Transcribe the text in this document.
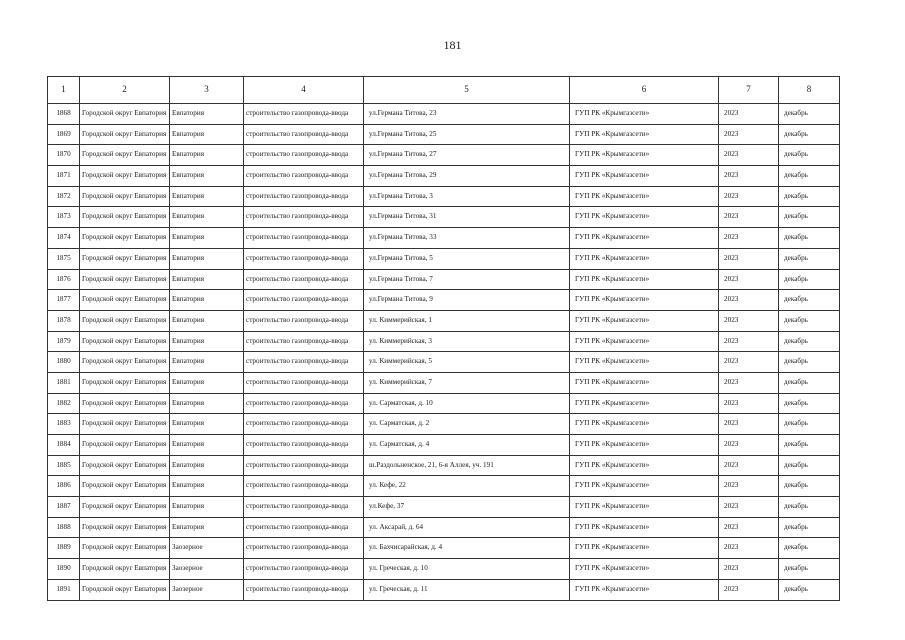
181
1	2	3	4	5	6	7	8
1868	Городской округ Евпатория	Евпатория	строительство газопровода-ввода	ул.Германа Титова, 23	ГУП РК «Крымгазсети»	2023	декабрь
1869	Городской округ Евпатория	Евпатория	строительство газопровода-ввода	ул.Германа Титова, 25	ГУП РК «Крымгазсети»	2023	декабрь
1870	Городской округ Евпатория	Евпатория	строительство газопровода-ввода	ул.Германа Титова, 27	ГУП РК «Крымгазсети»	2023	декабрь
1871	Городской округ Евпатория	Евпатория	строительство газопровода-ввода	ул.Германа Титова, 29	ГУП РК «Крымгазсети»	2023	декабрь
1872	Городской округ Евпатория	Евпатория	строительство газопровода-ввода	ул.Германа Титова, 3	ГУП РК «Крымгазсети»	2023	декабрь
1873	Городской округ Евпатория	Евпатория	строительство газопровода-ввода	ул.Германа Титова, 31	ГУП РК «Крымгазсети»	2023	декабрь
1874	Городской округ Евпатория	Евпатория	строительство газопровода-ввода	ул.Германа Титова, 33	ГУП РК «Крымгазсети»	2023	декабрь
1875	Городской округ Евпатория	Евпатория	строительство газопровода-ввода	ул.Германа Титова, 5	ГУП РК «Крымгазсети»	2023	декабрь
1876	Городской округ Евпатория	Евпатория	строительство газопровода-ввода	ул.Германа Титова, 7	ГУП РК «Крымгазсети»	2023	декабрь
1877	Городской округ Евпатория	Евпатория	строительство газопровода-ввода	ул.Германа Титова, 9	ГУП РК «Крымгазсети»	2023	декабрь
1878	Городской округ Евпатория	Евпатория	строительство газопровода-ввода	ул. Киммерийская, 1	ГУП РК «Крымгазсети»	2023	декабрь
1879	Городской округ Евпатория	Евпатория	строительство газопровода-ввода	ул. Киммерийская, 3	ГУП РК «Крымгазсети»	2023	декабрь
1880	Городской округ Евпатория	Евпатория	строительство газопровода-ввода	ул. Киммерийская, 5	ГУП РК «Крымгазсети»	2023	декабрь
1881	Городской округ Евпатория	Евпатория	строительство газопровода-ввода	ул. Киммерийская, 7	ГУП РК «Крымгазсети»	2023	декабрь
1882	Городской округ Евпатория	Евпатория	строительство газопровода-ввода	ул. Сарматская, д. 10	ГУП РК «Крымгазсети»	2023	декабрь
1883	Городской округ Евпатория	Евпатория	строительство газопровода-ввода	ул. Сарматская, д. 2	ГУП РК «Крымгазсети»	2023	декабрь
1884	Городской округ Евпатория	Евпатория	строительство газопровода-ввода	ул. Сарматская, д. 4	ГУП РК «Крымгазсети»	2023	декабрь
1885	Городской округ Евпатория	Евпатория	строительство газопровода-ввода	ш.Раздольненское, 21, 6-я Аллея, уч. 191	ГУП РК «Крымгазсети»	2023	декабрь
1886	Городской округ Евпатория	Евпатория	строительство газопровода-ввода	ул. Кефе, 22	ГУП РК «Крымгазсети»	2023	декабрь
1887	Городской округ Евпатория	Евпатория	строительство газопровода-ввода	ул.Кефе, 37	ГУП РК «Крымгазсети»	2023	декабрь
1888	Городской округ Евпатория	Евпатория	строительство газопровода-ввода	ул. Аксарай, д. 64	ГУП РК «Крымгазсети»	2023	декабрь
1889	Городской округ Евпатория	Заозерное	строительство газопровода-ввода	ул. Бахчисарайская, д. 4	ГУП РК «Крымгазсети»	2023	декабрь
1890	Городской округ Евпатория	Заозерное	строительство газопровода-ввода	ул. Греческая, д. 10	ГУП РК «Крымгазсети»	2023	декабрь
1891	Городской округ Евпатория	Заозерное	строительство газопровода-ввода	ул. Греческая, д. 11	ГУП РК «Крымгазсети»	2023	декабрь
